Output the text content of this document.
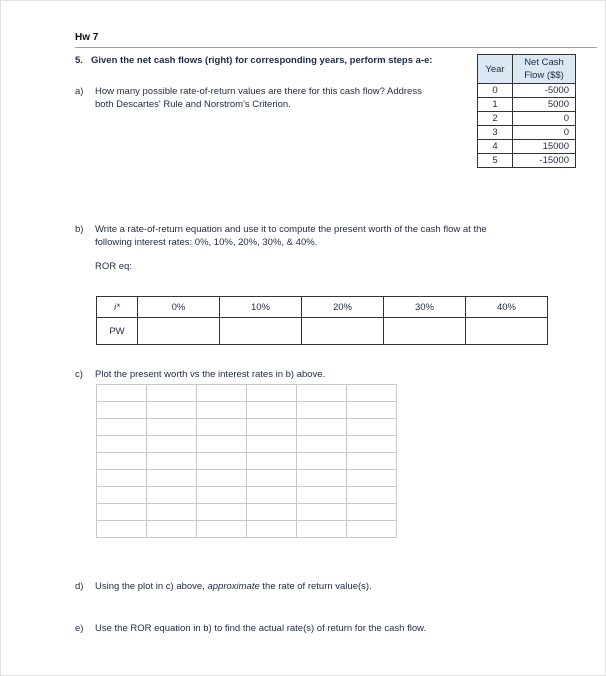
Hw 7
5. Given the net cash flows (right) for corresponding years, perform steps a-e:
a) How many possible rate-of-return values are there for this cash flow? Address
both Descartes' Rule and Norstrom's Criterion.
Year	Net Cash
Flow ($$)
0	-5000
1	5000
2	0
3	0
4	15000
5	-15000
b) Write a rate-of-return equation and use it to compute the present worth of the cash flow at the
following interest rates: 0%, 10%, 20%, 30%, & 40%.
ROR eq:
i*	0%	10%	20%	30%	40%
PW					
c) Plot the present worth vs the interest rates in b) above.

d) Using the plot in c) above, approximate the rate of return value(s).
e) Use the ROR equation in b) to find the actual rate(s) of return for the cash flow.
